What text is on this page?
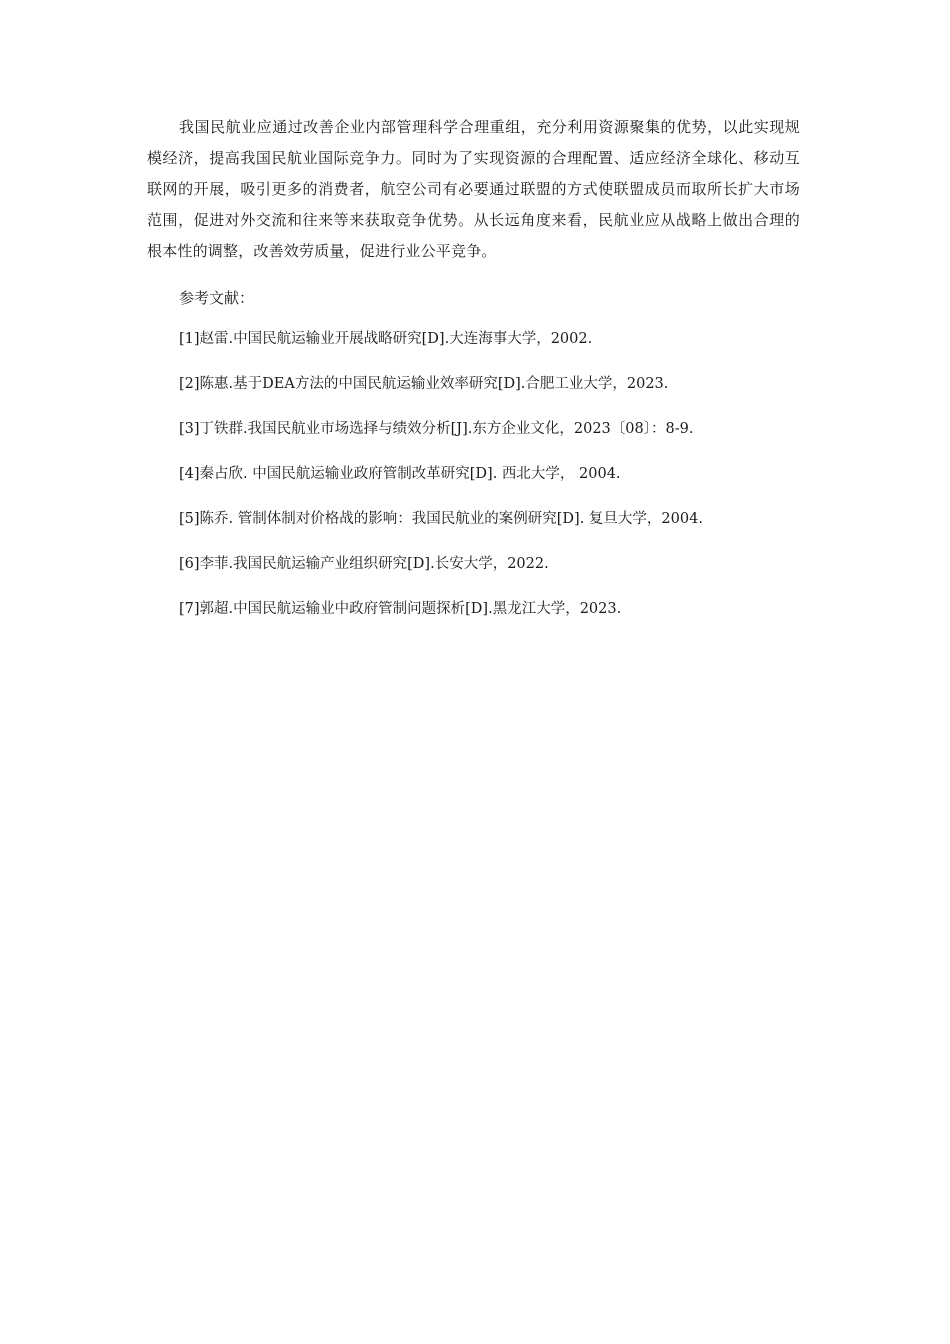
我国民航业应通过改善企业内部管理科学合理重组，充分利用资源聚集的优势，以此实现规模经济，提高我国民航业国际竞争力。同时为了实现资源的合理配置、适应经济全球化、移动互联网的开展，吸引更多的消费者，航空公司有必要通过联盟的方式使联盟成员而取所长扩大市场范围，促进对外交流和往来等来获取竞争优势。从长远角度来看，民航业应从战略上做出合理的根本性的调整，改善效劳质量，促进行业公平竞争。

参考文献：

[1]赵雷.中国民航运输业开展战略研究[D].大连海事大学，2002.
[2]陈惠.基于DEA方法的中国民航运输业效率研究[D].合肥工业大学，2023.
[3]丁铁群.我国民航业市场选择与绩效分析[J].东方企业文化，2023〔08〕：8-9.
[4]秦占欣. 中国民航运输业政府管制改革研究[D]. 西北大学， 2004.
[5]陈乔. 管制体制对价格战的影响：我国民航业的案例研究[D]. 复旦大学，2004.
[6]李菲.我国民航运输产业组织研究[D].长安大学，2022.
[7]郭超.中国民航运输业中政府管制问题探析[D].黑龙江大学，2023.
